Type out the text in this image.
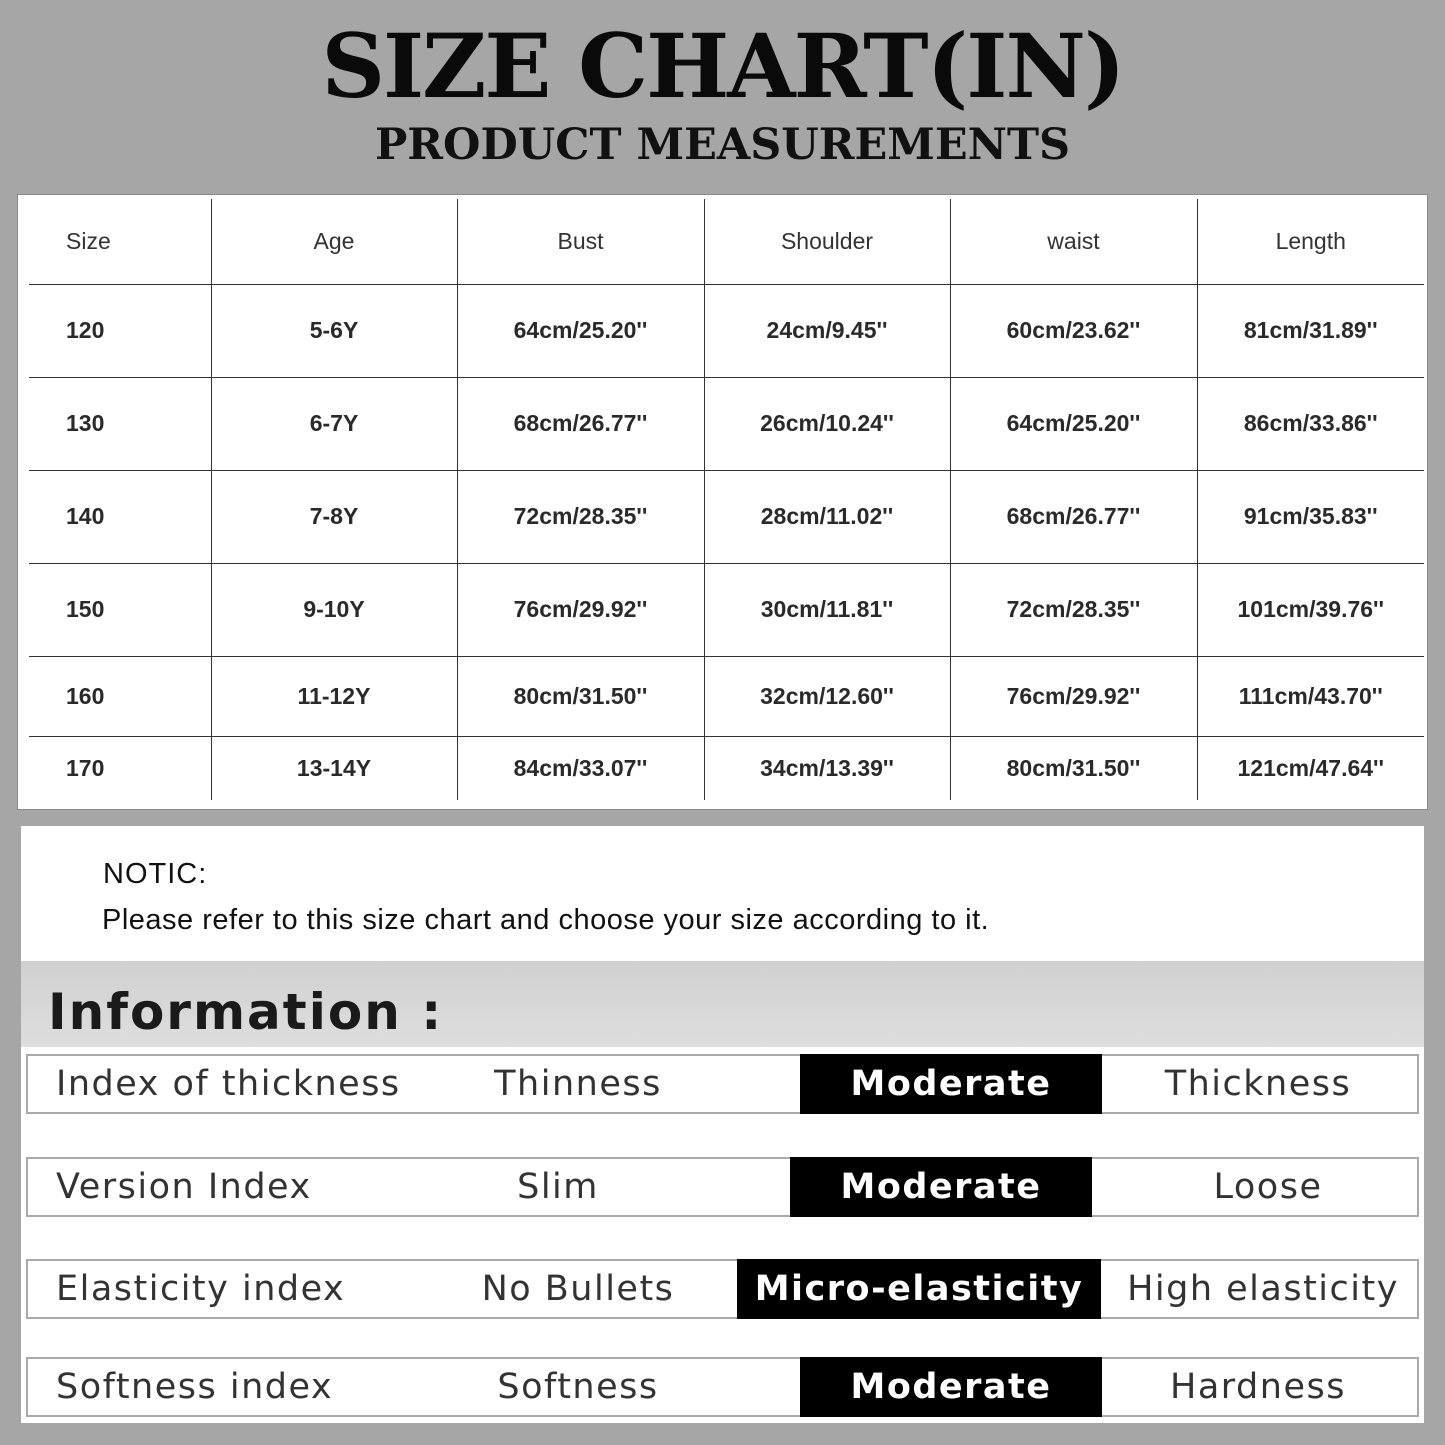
SIZE CHART(IN)
PRODUCT MEASUREMENTS
Size	Age	Bust	Shoulder	waist	Length
120	5-6Y	64cm/25.20''	24cm/9.45''	60cm/23.62''	81cm/31.89''
130	6-7Y	68cm/26.77''	26cm/10.24''	64cm/25.20''	86cm/33.86''
140	7-8Y	72cm/28.35''	28cm/11.02''	68cm/26.77''	91cm/35.83''
150	9-10Y	76cm/29.92''	30cm/11.81''	72cm/28.35''	101cm/39.76''
160	11-12Y	80cm/31.50''	32cm/12.60''	76cm/29.92''	111cm/43.70''
170	13-14Y	84cm/33.07''	34cm/13.39''	80cm/31.50''	121cm/47.64''
NOTIC:
Please refer to this size chart and choose your size according to it.
Information :
Index of thickness	Thinness	Moderate	Thickness
Version Index	Slim	Moderate	Loose
Elasticity index	No Bullets	Micro-elasticity	High elasticity
Softness index	Softness	Moderate	Hardness
